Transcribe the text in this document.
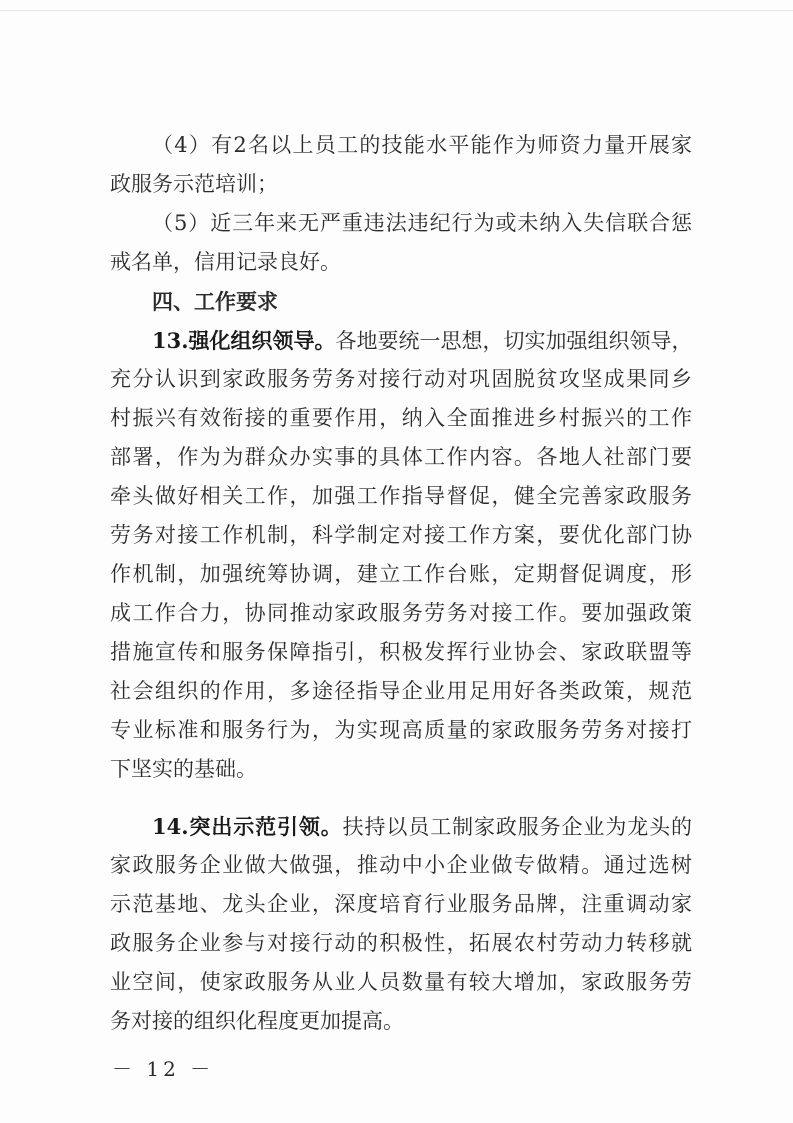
（4）有2名以上员工的技能水平能作为师资力量开展家
政服务示范培训；
（5）近三年来无严重违法违纪行为或未纳入失信联合惩
戒名单，信用记录良好。
四、工作要求
13.强化组织领导。各地要统一思想，切实加强组织领导，
充分认识到家政服务劳务对接行动对巩固脱贫攻坚成果同乡
村振兴有效衔接的重要作用，纳入全面推进乡村振兴的工作
部署，作为为群众办实事的具体工作内容。各地人社部门要
牵头做好相关工作，加强工作指导督促，健全完善家政服务
劳务对接工作机制，科学制定对接工作方案，要优化部门协
作机制，加强统筹协调，建立工作台账，定期督促调度，形
成工作合力，协同推动家政服务劳务对接工作。要加强政策
措施宣传和服务保障指引，积极发挥行业协会、家政联盟等
社会组织的作用，多途径指导企业用足用好各类政策，规范
专业标准和服务行为，为实现高质量的家政服务劳务对接打
下坚实的基础。
14.突出示范引领。扶持以员工制家政服务企业为龙头的
家政服务企业做大做强，推动中小企业做专做精。通过选树
示范基地、龙头企业，深度培育行业服务品牌，注重调动家
政服务企业参与对接行动的积极性，拓展农村劳动力转移就
业空间，使家政服务从业人员数量有较大增加，家政服务劳
务对接的组织化程度更加提高。
－ 12 －
